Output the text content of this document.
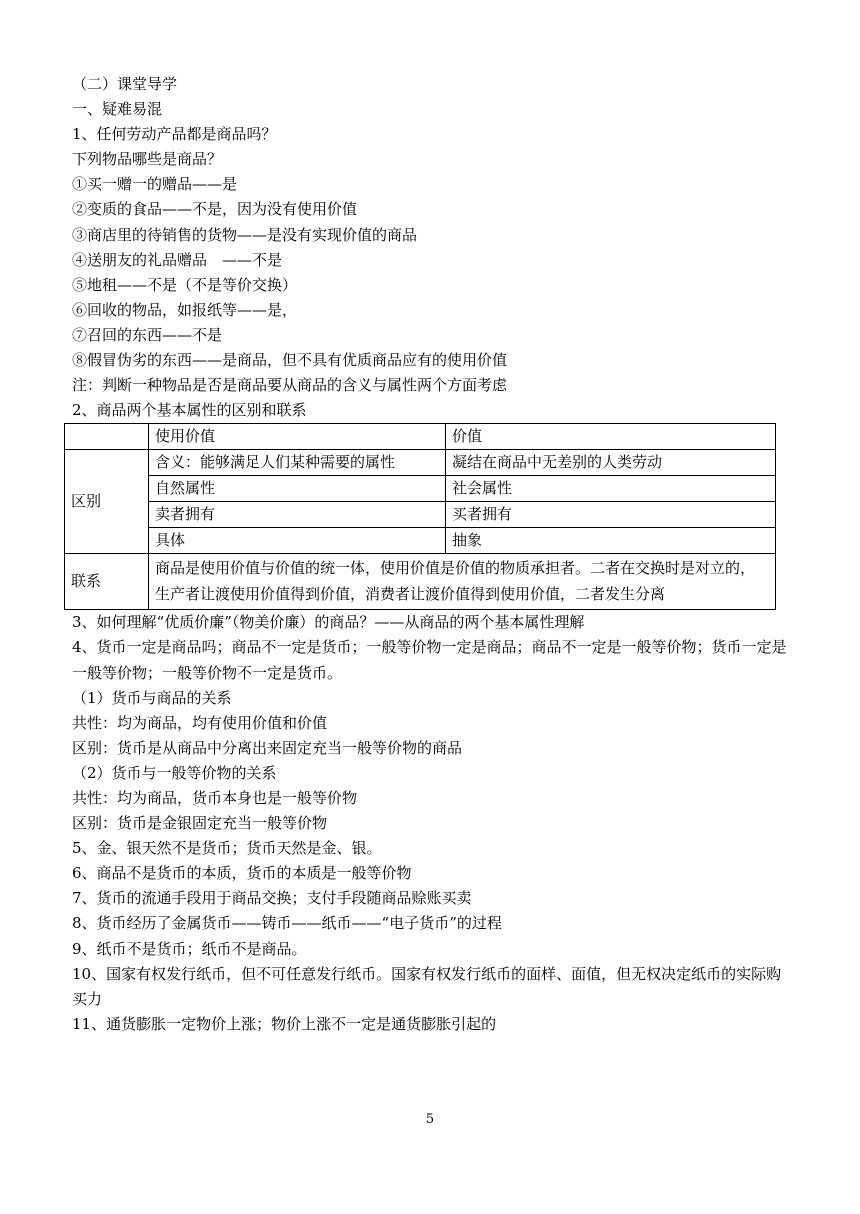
（二）课堂导学
一、疑难易混
1、任何劳动产品都是商品吗？
下列物品哪些是商品？
①买一赠一的赠品——是
②变质的食品——不是，因为没有使用价值
③商店里的待销售的货物——是没有实现价值的商品
④送朋友的礼品赠品　——不是
⑤地租——不是（不是等价交换）
⑥回收的物品，如报纸等——是，
⑦召回的东西——不是
⑧假冒伪劣的东西——是商品，但不具有优质商品应有的使用价值
注：判断一种物品是否是商品要从商品的含义与属性两个方面考虑
2、商品两个基本属性的区别和联系
	使用价值	价值
区别	含义：能够满足人们某种需要的属性	凝结在商品中无差别的人类劳动
	自然属性	社会属性
	卖者拥有	买者拥有
	具体	抽象
联系	商品是使用价值与价值的统一体，使用价值是价值的物质承担者。二者在交换时是对立的，生产者让渡使用价值得到价值，消费者让渡价值得到使用价值，二者发生分离	
3、如何理解“优质价廉”（物美价廉）的商品？——从商品的两个基本属性理解
4、货币一定是商品吗；商品不一定是货币；一般等价物一定是商品；商品不一定是一般等价物；货币一定是一般等价物；一般等价物不一定是货币。
（1）货币与商品的关系
共性：均为商品，均有使用价值和价值
区别：货币是从商品中分离出来固定充当一般等价物的商品
（2）货币与一般等价物的关系
共性：均为商品，货币本身也是一般等价物
区别：货币是金银固定充当一般等价物
5、金、银天然不是货币；货币天然是金、银。
6、商品不是货币的本质，货币的本质是一般等价物
7、货币的流通手段用于商品交换；支付手段随商品赊账买卖
8、货币经历了金属货币——铸币——纸币——“电子货币”的过程
9、纸币不是货币；纸币不是商品。
10、国家有权发行纸币，但不可任意发行纸币。国家有权发行纸币的面样、面值，但无权决定纸币的实际购买力
11、通货膨胀一定物价上涨；物价上涨不一定是通货膨胀引起的
5
